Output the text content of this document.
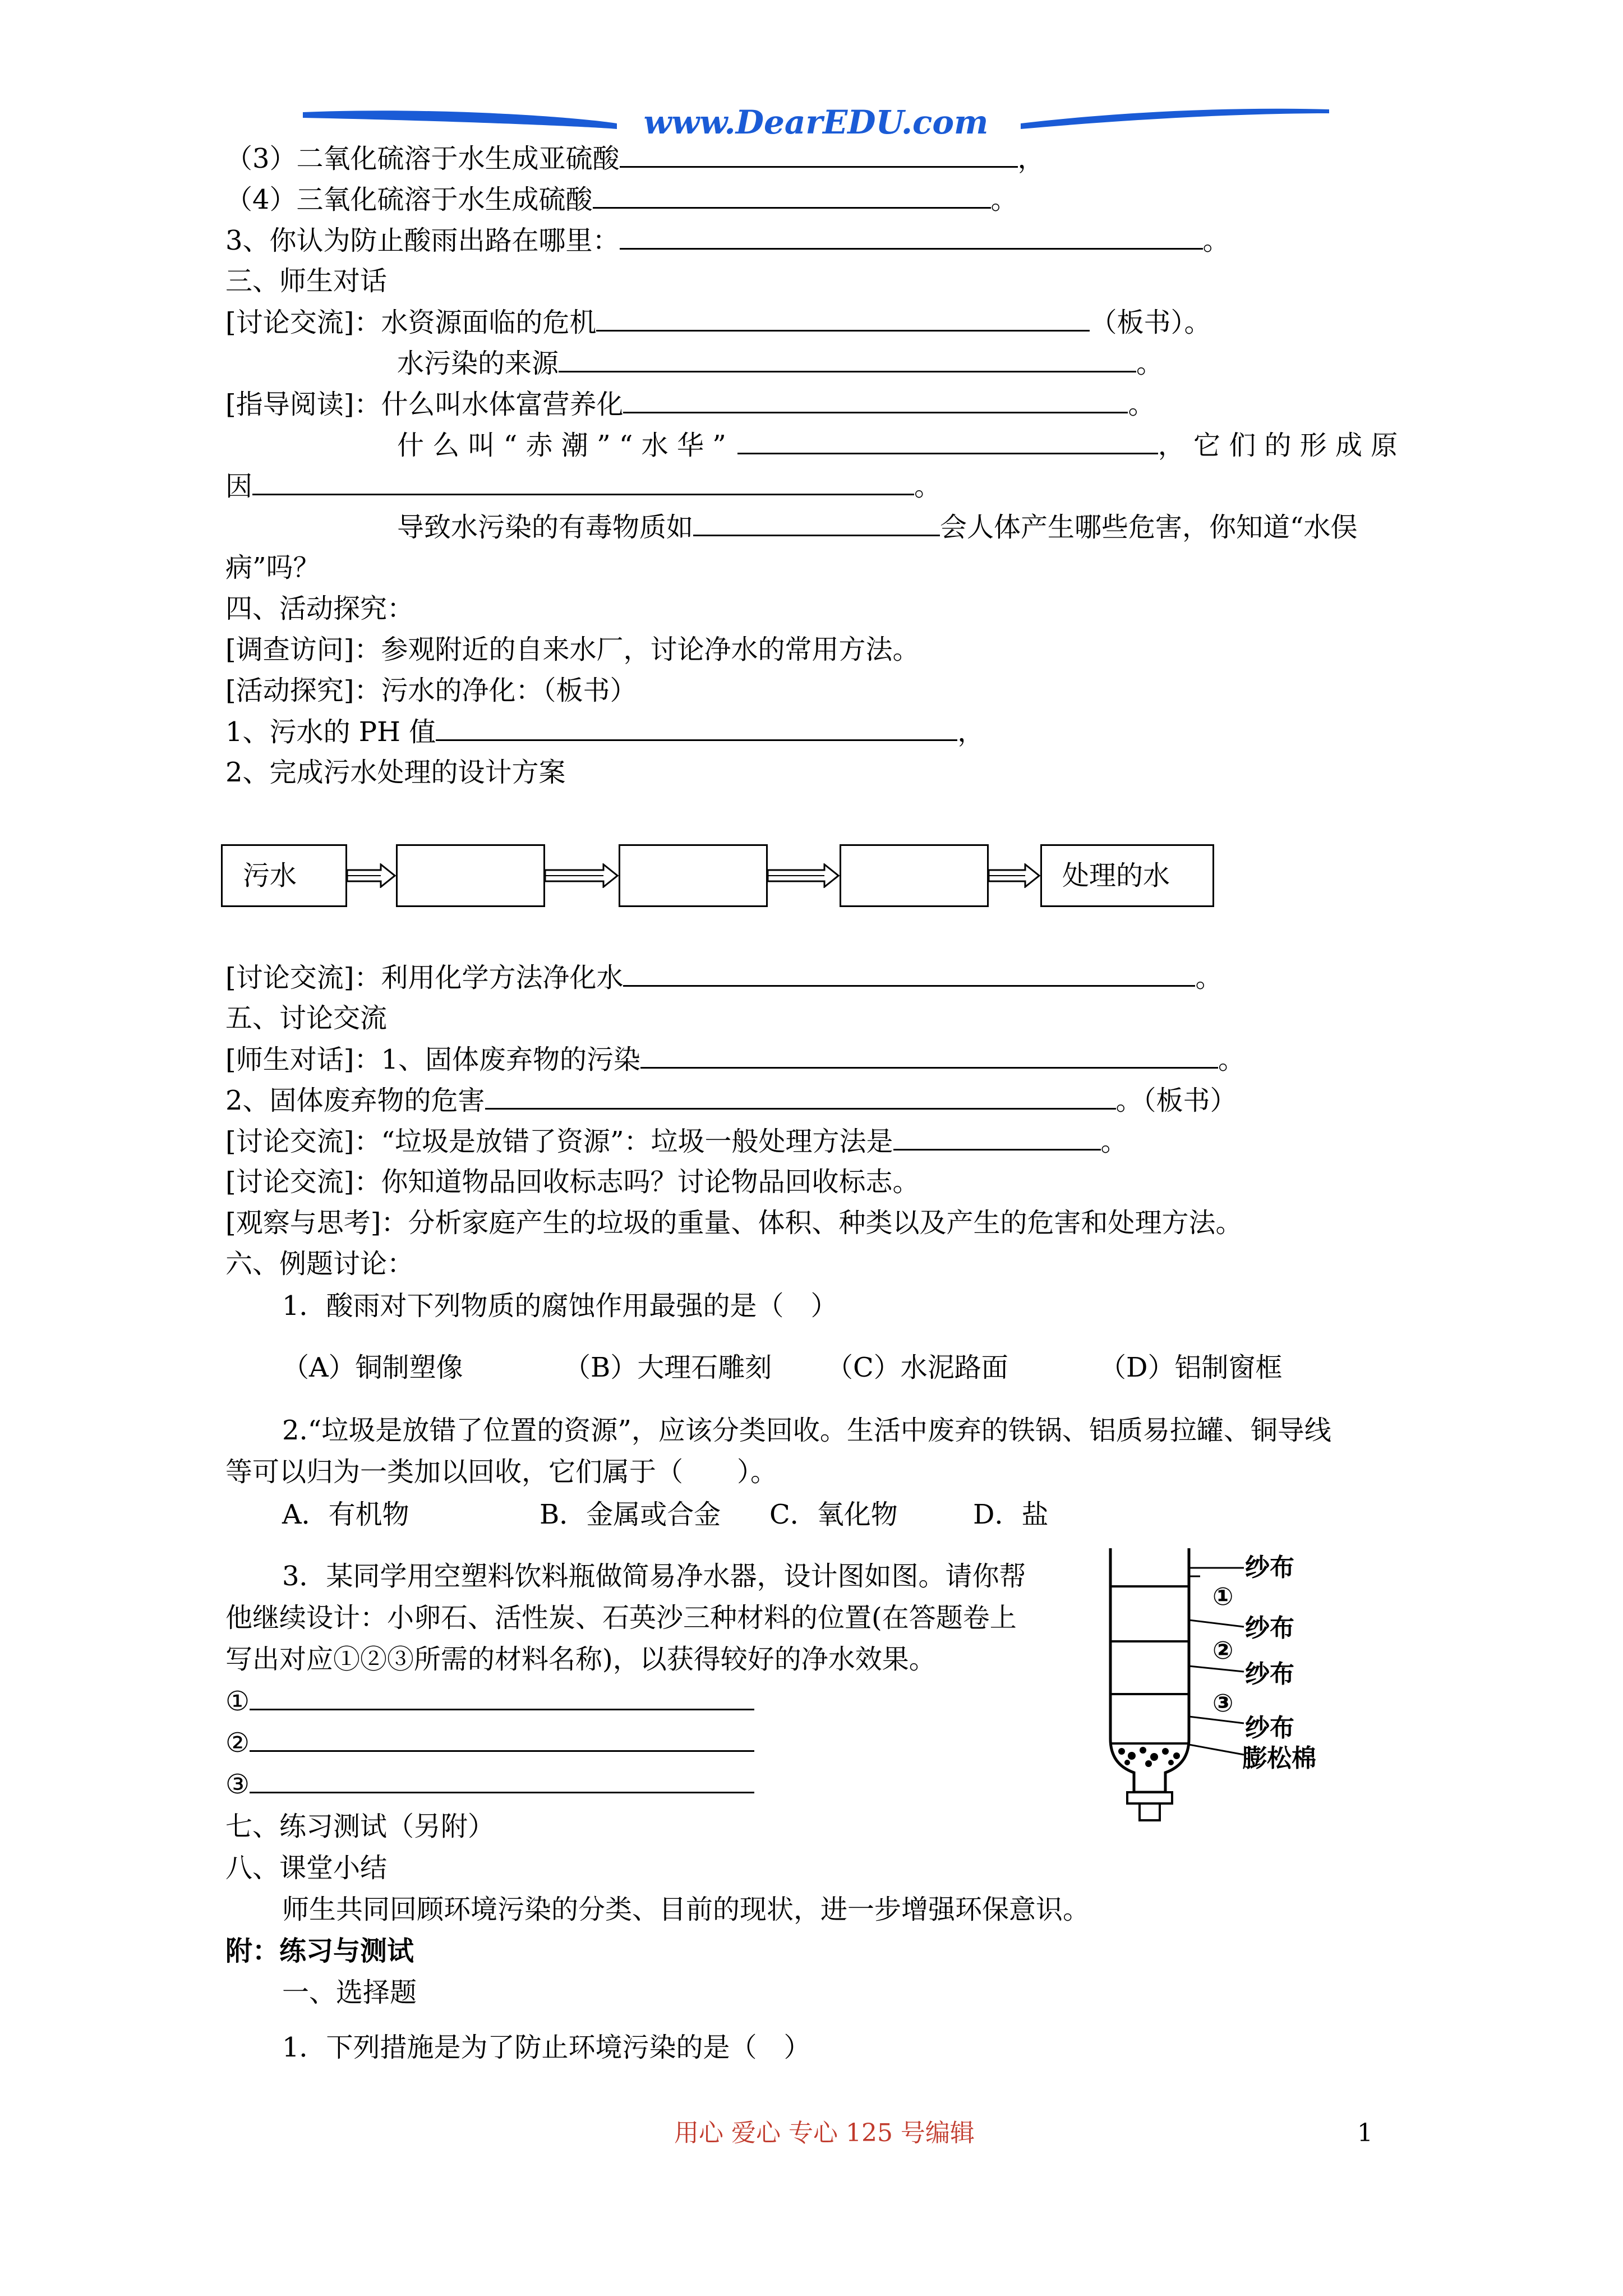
www.DearEDU.com
（3）二氧化硫溶于水生成亚硫酸	，
（4）三氧化硫溶于水生成硫酸	。
3、你认为防止酸雨出路在哪里：	。
三、师生对话
[讨论交流]：水资源面临的危机	（板书）。
水污染的来源	。
[指导阅读]：什么叫水体富营养化	。
什 么 叫 “ 赤 潮 ” “ 水 华 ”	， 它 们 的 形 成 原
因	。
导致水污染的有毒物质如	会人体产生哪些危害，你知道“水俣
病”吗？
四、活动探究：
[调查访问]：参观附近的自来水厂，讨论净水的常用方法。
[活动探究]：污水的净化：（板书）
1、污水的 PH 值	，
2、完成污水处理的设计方案
污水	处理的水
[讨论交流]：利用化学方法净化水	。
五、讨论交流
[师生对话]：1、固体废弃物的污染	。
2、固体废弃物的危害	。（板书）
[讨论交流]：“垃圾是放错了资源”：垃圾一般处理方法是	。
[讨论交流]：你知道物品回收标志吗？讨论物品回收标志。
[观察与思考]：分析家庭产生的垃圾的重量、体积、种类以及产生的危害和处理方法。
六、例题讨论：
1．酸雨对下列物质的腐蚀作用最强的是（　）
（A）铜制塑像	（B）大理石雕刻 （C）水泥路面	（D）铝制窗框
2.“垃圾是放错了位置的资源”，应该分类回收。生活中废弃的铁锅、铝质易拉罐、铜导线
等可以归为一类加以回收，它们属于（　　）。
A．有机物	B．金属或合金 C．氧化物	D．盐
3．某同学用空塑料饮料瓶做简易净水器，设计图如图。请你帮
他继续设计：小卵石、活性炭、石英沙三种材料的位置(在答题卷上
写出对应①②③所需的材料名称)，以获得较好的净水效果。
①
②
③
纱布
①
纱布
②
纱布
③
纱布
膨松棉
七、练习测试（另附）
八、课堂小结
师生共同回顾环境污染的分类、目前的现状，进一步增强环保意识。
附：练习与测试
一、选择题
1．下列措施是为了防止环境污染的是（　）
用心 爱心 专心 125 号编辑	1
